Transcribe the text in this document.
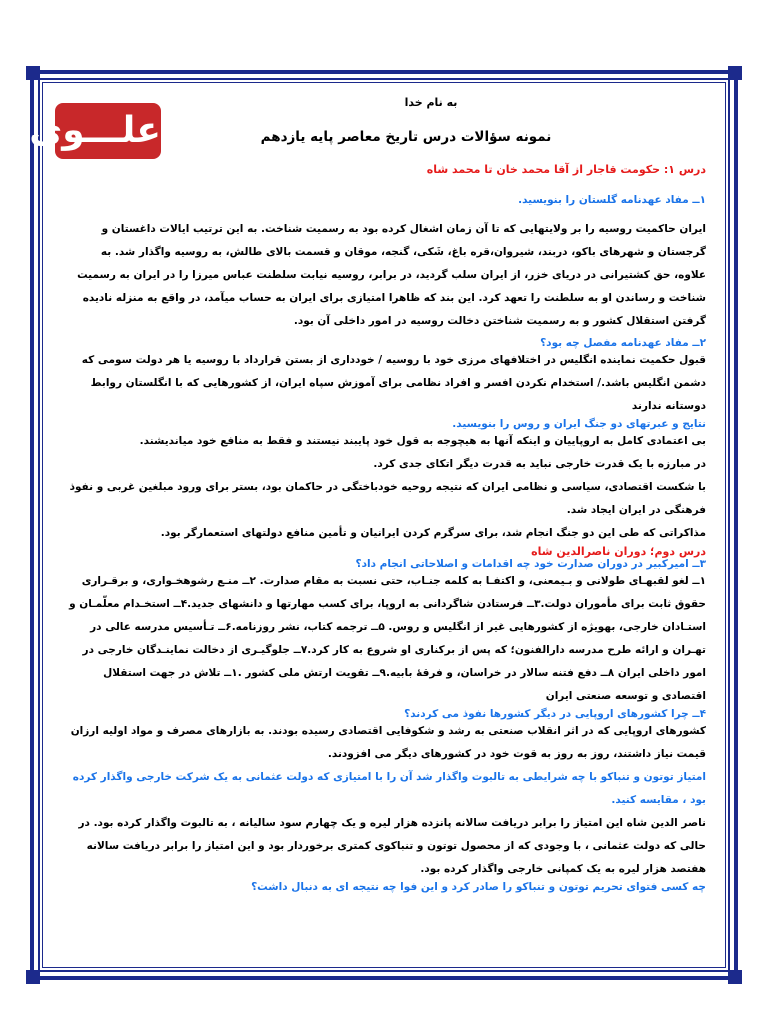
علـــوی
به نام خدا
نمونه سؤالات درس تاریخ معاصر پایه یازدهم
درس ۱: حکومت قاجار از آقا محمد خان تا محمد شاه
۱ــ مفاد عهدنامه گلستان را بنویسید.
ایران حاکمیت روسیه را بر ولایتهایی که تا آن زمان اشغال کرده بود به رسمیت شناخت. به این ترتیب ایالات داغستان و گرجستان و شهرهای باکو، دربند، شیروان،قره باغ، شَکی، گنجه، موقان و قسمت بالای طالش، به روسیه واگذار شد. به علاوه، حق کشتیرانی در دریای خزر، از ایران سلب گردید، در برابر، روسیه نیابت سلطنت عباس میرزا را در ایران به رسمیت شناخت و رساندن او به سلطنت را تعهد کرد. این بند که ظاهرا امتیازی برای ایران به حساب میآمد، در واقع به منزله نادیده گرفتن استقلال کشور و به رسمیت شناختن دخالت روسیه در امور داخلی آن بود.
۲ــ مفاد عهدنامه مفصل چه بود؟
قبول حکمیت نماینده انگلیس در اختلافهای مرزی خود با روسیه / خودداری از بستن قرارداد با روسیه یا هر دولت سومی که دشمن انگلیس باشد./ استخدام نکردن افسر و افراد نظامی برای آموزش سپاه ایران، از کشورهایی که با انگلستان روابط دوستانه ندارند
نتایج و عبرتهای دو جنگ ایران و روس را بنویسید.
بی اعتمادی کامل به اروپاییان و اینکه آنها به هیچوجه به قول خود پایبند نیستند و فقط به منافع خود میاندیشند.
در مبارزه با یک قدرت خارجی نباید به قدرت دیگر اتکای جدی کرد.
با شکست اقتصادی، سیاسی و نظامی ایران که نتیجه روحیه خودباختگی در حاکمان بود، بستر برای ورود مبلغین غربی و نفوذ فرهنگی در ایران ایجاد شد.
مذاکراتی که طی این دو جنگ انجام شد، برای سرگرم کردن ایرانیان و تأمین منافع دولتهای استعمارگر بود.
درس دوم؛ دوران ناصرالدین شاه
۳ــ امیرکبیر در دوران صدارت خود چه اقدامات و اصلاحاتی انجام داد؟
۱ــ لغو لقبهـای طولانی و بـیمعنی، و اکتفـا به کلمه جنـاب، حتی نسبت به مقام صدارت. ۲ــ منـع رشوهخـواری، و برقـراری حقوق ثابت برای مأموران دولت.۳ــ فرستادن شاگردانی به اروپا، برای کسب مهارتها و دانشهای جدید.۴ــ استخـدام معلّمـان و استـادان خارجی، بهویژه از کشورهایی غیر از انگلیس و روس. ۵ــ ترجمه کتاب، نشر روزنامه.۶ــ تـأسیس مدرسه عالی در تهـران و ارائه طرح مدرسه دارالفنون؛ که پس از برکناری او شروع به کار کرد.۷ــ جلوگیـری از دخالت نماینـدگان خارجی در امور داخلی ایران ۸ــ دفع فتنه سالار در خراسان، و فرقهٔ بابیه.۹ــ تقویت ارتش ملی کشور .۱ــ تلاش در جهت استقلال اقتصادی و توسعه صنعتی ایران
۴ــ چرا کشورهای اروپایی در دیگر کشورها نفوذ می کردند؟
کشورهای اروپایی که در اثر انقلاب صنعتی به رشد و شکوفایی اقتصادی رسیده بودند. به بازارهای مصرف و مواد اولیه ارزان قیمت نیاز داشتند، روز به روز به قوت خود در کشورهای دیگر می افزودند.
امتیاز توتون و تنباکو با چه شرایطی به تالبوت واگذار شد آن را با امتیازی که دولت عثمانی به یک شرکت خارجی واگذار کرده بود ، مقایسه کنید.
ناصر الدین شاه این امتیاز را برابر دریافت سالانه پانزده هزار لیره و یک چهارم سود سالیانه ، به تالبوت واگذار کرده بود. در حالی که دولت عثمانی ، با وجودی که از محصول توتون و تنباکوی کمتری برخوردار بود و این امتیاز را برابر دریافت سالانه هفتصد هزار لیره به یک کمپانی خارجی واگذار کرده بود.
چه کسی فتوای تحریم توتون و تنباکو را صادر کرد و این فوا چه نتیجه ای به دنبال داشت؟
